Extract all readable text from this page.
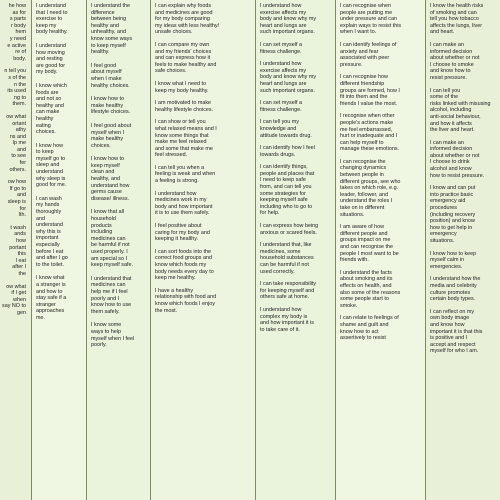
he how
as for
s parts
r body
hem
y need
e active
re of
body.
n tell you
s of the
n the
its used
ng to
them.
ow what
ortant
athy
ns and
lp me
and
to see
fer
others.
ow how
If go to
and
sleep is
for
lth.
t wash
ands
how
portant
this
I eat
after I
the
ow what
if I get
when
say NO to
gen
I understand
that I need to
exercise to
keep my
body healthy.
I understand
how moving
and resting
are good for
my body.
I know which
foods are
and not so
healthy and
can make
healthy
eating
choices.
I know how
to keep
myself go to
sleep and
understand
why sleep is
good for me.
I can wash
my hands
thoroughly
and
understand
why this is
important
especially
before I eat
and after I go
to the toilet.
I know what
a stranger is
and how to
stay safe if a
stranger
approaches
me.
I understand the
difference
between being
healthy and
unhealthy, and
know some ways
to keep myself
healthy.
I feel good
about myself
when I make
healthy choices.
I know how to
make healthy
lifestyle choices.
I feel good about
myself when I
make healthy
choices.
I know how to
keep myself
clean and
healthy, and
understand how
germs cause
disease/ illness.
I know that all
household
products
including
medicines can
be harmful if not
used properly. I
am special so I
keep myself safe.
I understand that
medicines can
help me if I feel
poorly and I
know how to use
them safely.
I know some
ways to help
myself when I feel
poorly.
I can explain why foods
and medicines are good
for my body comparing
my ideas with less healthy/
unsafe choices.
I can compare my own
and my friends' choices
and can express how it
feels to make healthy and
safe choices.
I know what I need to
keep my body healthy.
I am motivated to make
healthy lifestyle choices.
I can show or tell you
what relaxed means and I
know some things that
make me feel relaxed
and some that make me
feel stressed.
I can tell you when a
feeling is weak and when
a feeling is strong.
I understand how
medicines work in my
body and how important
it is to use them safely.
I feel positive about
caring for my body and
keeping it healthy.
I can sort foods into the
correct food groups and
know which foods my
body needs every day to
keep me healthy.
I have a healthy
relationship with food and
know which foods I enjoy
the most.
I understand how
exercise affects my
body and know why my
heart and lungs are
such important organs.
I can set myself a
fitness challenge.
I understand how
exercise affects my
body and know why my
heart and lungs are
such important organs.
I can set myself a
fitness challenge.
I can tell you my
knowledge and
attitude towards drug.
I can identify how I feel
towards drugs.
I can identify things,
people and places that
I need to keep safe
from, and can tell you
some strategies for
keeping myself safe
including who to go to
for help.
I can express how being
anxious or scared feels.
I understand that, like
medicines, some
household substances
can be harmful if not
used correctly.
I can take responsibility
for keeping myself and
others safe at home.
I understand how
complex my body is
and how important it is
to take care of it.
I can recognise when
people are putting me
under pressure and can
explain ways to resist this
when I want to.
I can identify feelings of
anxiety and fear
associated with peer
pressure.
I can recognise how
different friendship
groups are formed, how I
fit into them and the
friends I value the most.
I recognise when other
people's actions make
me feel embarrassed,
hurt or inadequate and I
can help myself to
manage these emotions.
I can recognise the
changing dynamics
between people in
different groups, see who
takes on which role, e.g.
leader, follower, and
understand the roles I
take on in different
situations.
I am aware of how
different people and
groups impact on me
and can recognise the
people I most want to be
friends with.
I understand the facts
about smoking and its
effects on health, and
also some of the reasons
some people start to
smoke.
I can relate to feelings of
shame and guilt and
know how to act
assertively to resist
I know the health risks
of smoking and can
tell you how tobacco
affects the lungs, liver
and heart.
I can make an
informed decision
about whether or not
I choose to smoke
and know how to
resist pressure.
I can tell you
some of the
risks linked with misusing
alcohol, including
anti-social behaviour,
and how it affects
the liver and heart.
I can make an
informed decision
about whether or not
I choose to drink
alcohol and know
how to resist pressure.
I know and can put
into practice basic
emergency aid
procedures
(including recovery
position) and know
how to get help in
emergency
situations.
I know how to keep
myself calm in
emergencies.
I understand how the
media and celebrity
culture promotes
certain body types.
I can reflect on my
own body image
and know how
important it is that this
is positive and I
accept and respect
myself for who I am.
